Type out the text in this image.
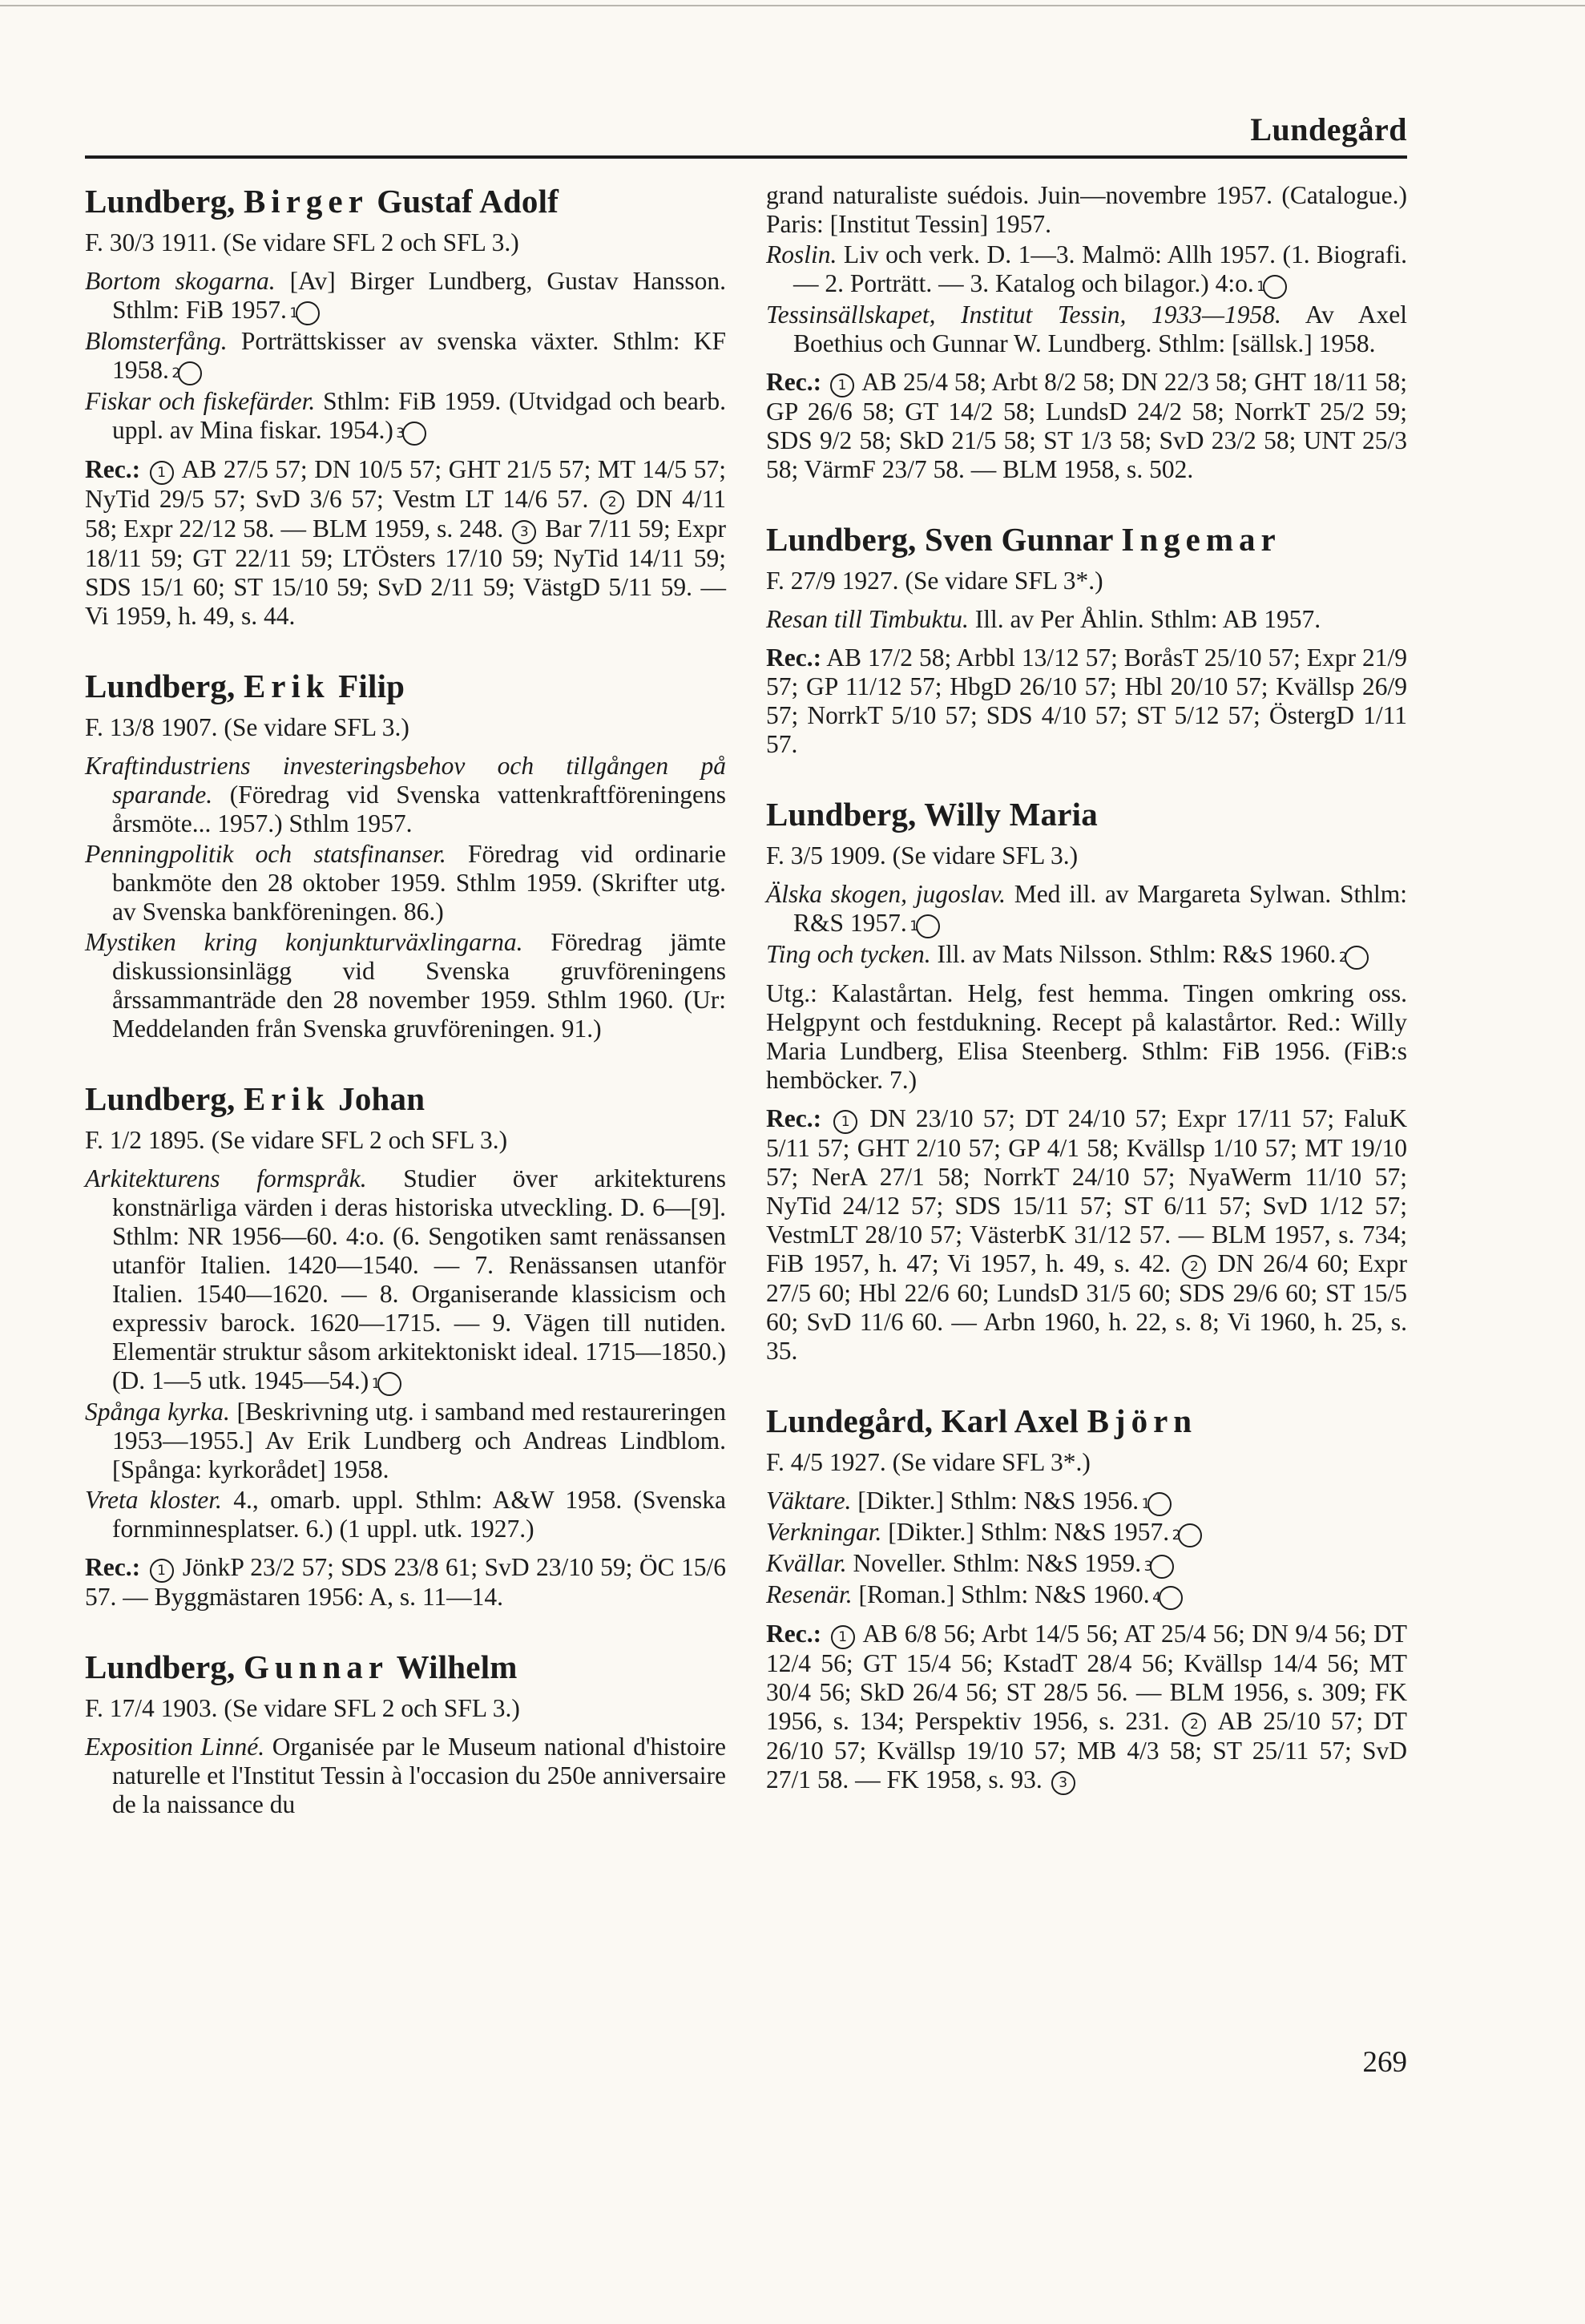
Lundegård
Lundberg, Birger Gustaf Adolf
F. 30/3 1911. (Se vidare SFL 2 och SFL 3.)
Bortom skogarna. [Av] Birger Lundberg, Gustav Hansson. Sthlm: FiB 1957. 1
Blomsterfång. Porträttskisser av svenska växter. Sthlm: KF 1958. 2
Fiskar och fiskefärder. Sthlm: FiB 1959. (Utvidgad och bearb. uppl. av Mina fiskar. 1954.) 3
Rec.: 1 AB 27/5 57; DN 10/5 57; GHT 21/5 57; MT 14/5 57; NyTid 29/5 57; SvD 3/6 57; Vestm LT 14/6 57. 2 DN 4/11 58; Expr 22/12 58. — BLM 1959, s. 248. 3 Bar 7/11 59; Expr 18/11 59; GT 22/11 59; LTÖsters 17/10 59; NyTid 14/11 59; SDS 15/1 60; ST 15/10 59; SvD 2/11 59; VästgD 5/11 59. — Vi 1959, h. 49, s. 44.
Lundberg, Erik Filip
F. 13/8 1907. (Se vidare SFL 3.)
Kraftindustriens investeringsbehov och tillgången på sparande. (Föredrag vid Svenska vattenkraftföreningens årsmöte... 1957.) Sthlm 1957.
Penningpolitik och statsfinanser. Föredrag vid ordinarie bankmöte den 28 oktober 1959. Sthlm 1959. (Skrifter utg. av Svenska bankföreningen. 86.)
Mystiken kring konjunkturväxlingarna. Föredrag jämte diskussionsinlägg vid Svenska gruvföreningens årssammanträde den 28 november 1959. Sthlm 1960. (Ur: Meddelanden från Svenska gruvföreningen. 91.)
Lundberg, Erik Johan
F. 1/2 1895. (Se vidare SFL 2 och SFL 3.)
Arkitekturens formspråk. Studier över arkitekturens konstnärliga värden i deras historiska utveckling. D. 6—[9]. Sthlm: NR 1956—60. 4:o. (6. Sengotiken samt renässansen utanför Italien. 1420—1540. — 7. Renässansen utanför Italien. 1540—1620. — 8. Organiserande klassicism och expressiv barock. 1620—1715. — 9. Vägen till nutiden. Elementär struktur såsom arkitektoniskt ideal. 1715—1850.) (D. 1—5 utk. 1945—54.) 1
Spånga kyrka. [Beskrivning utg. i samband med restaureringen 1953—1955.] Av Erik Lundberg och Andreas Lindblom. [Spånga: kyrkorådet] 1958.
Vreta kloster. 4., omarb. uppl. Sthlm: A&W 1958. (Svenska fornminnesplatser. 6.) (1 uppl. utk. 1927.)
Rec.: 1 JönkP 23/2 57; SDS 23/8 61; SvD 23/10 59; ÖC 15/6 57. — Byggmästaren 1956: A, s. 11—14.
Lundberg, Gunnar Wilhelm
F. 17/4 1903. (Se vidare SFL 2 och SFL 3.)
Exposition Linné. Organisée par le Museum national d'histoire naturelle et l'Institut Tessin à l'occasion du 250e anniversaire de la naissance du

grand naturaliste suédois. Juin—novembre 1957. (Catalogue.) Paris: [Institut Tessin] 1957.

Roslin. Liv och verk. D. 1—3. Malmö: Allh 1957. (1. Biografi. — 2. Porträtt. — 3. Katalog och bilagor.) 4:o. 1
Tessinsällskapet, Institut Tessin, 1933—1958. Av Axel Boethius och Gunnar W. Lundberg. Sthlm: [sällsk.] 1958.
Rec.: 1 AB 25/4 58; Arbt 8/2 58; DN 22/3 58; GHT 18/11 58; GP 26/6 58; GT 14/2 58; LundsD 24/2 58; NorrkT 25/2 59; SDS 9/2 58; SkD 21/5 58; ST 1/3 58; SvD 23/2 58; UNT 25/3 58; VärmF 23/7 58. — BLM 1958, s. 502.
Lundberg, Sven Gunnar Ingemar
F. 27/9 1927. (Se vidare SFL 3*.)
Resan till Timbuktu. Ill. av Per Åhlin. Sthlm: AB 1957.
Rec.: AB 17/2 58; Arbbl 13/12 57; BoråsT 25/10 57; Expr 21/9 57; GP 11/12 57; HbgD 26/10 57; Hbl 20/10 57; Kvällsp 26/9 57; NorrkT 5/10 57; SDS 4/10 57; ST 5/12 57; ÖstergD 1/11 57.
Lundberg, Willy Maria
F. 3/5 1909. (Se vidare SFL 3.)
Älska skogen, jugoslav. Med ill. av Margareta Sylwan. Sthlm: R&S 1957. 1
Ting och tycken. Ill. av Mats Nilsson. Sthlm: R&S 1960. 2
Utg.: Kalastårtan. Helg, fest hemma. Tingen omkring oss. Helgpynt och festdukning. Recept på kalastårtor. Red.: Willy Maria Lundberg, Elisa Steenberg. Sthlm: FiB 1956. (FiB:s hemböcker. 7.)
Rec.: 1 DN 23/10 57; DT 24/10 57; Expr 17/11 57; FaluK 5/11 57; GHT 2/10 57; GP 4/1 58; Kvällsp 1/10 57; MT 19/10 57; NerA 27/1 58; NorrkT 24/10 57; NyaWerm 11/10 57; NyTid 24/12 57; SDS 15/11 57; ST 6/11 57; SvD 1/12 57; VestmLT 28/10 57; VästerbK 31/12 57. — BLM 1957, s. 734; FiB 1957, h. 47; Vi 1957, h. 49, s. 42. 2 DN 26/4 60; Expr 27/5 60; Hbl 22/6 60; LundsD 31/5 60; SDS 29/6 60; ST 15/5 60; SvD 11/6 60. — Arbn 1960, h. 22, s. 8; Vi 1960, h. 25, s. 35.
Lundegård, Karl Axel Björn
F. 4/5 1927. (Se vidare SFL 3*.)
Väktare. [Dikter.] Sthlm: N&S 1956. 1
Verkningar. [Dikter.] Sthlm: N&S 1957. 2
Kvällar. Noveller. Sthlm: N&S 1959. 3
Resenär. [Roman.] Sthlm: N&S 1960. 4
Rec.: 1 AB 6/8 56; Arbt 14/5 56; AT 25/4 56; DN 9/4 56; DT 12/4 56; GT 15/4 56; KstadT 28/4 56; Kvällsp 14/4 56; MT 30/4 56; SkD 26/4 56; ST 28/5 56. — BLM 1956, s. 309; FK 1956, s. 134; Perspektiv 1956, s. 231. 2 AB 25/10 57; DT 26/10 57; Kvällsp 19/10 57; MB 4/3 58; ST 25/11 57; SvD 27/1 58. — FK 1958, s. 93. 3
269
